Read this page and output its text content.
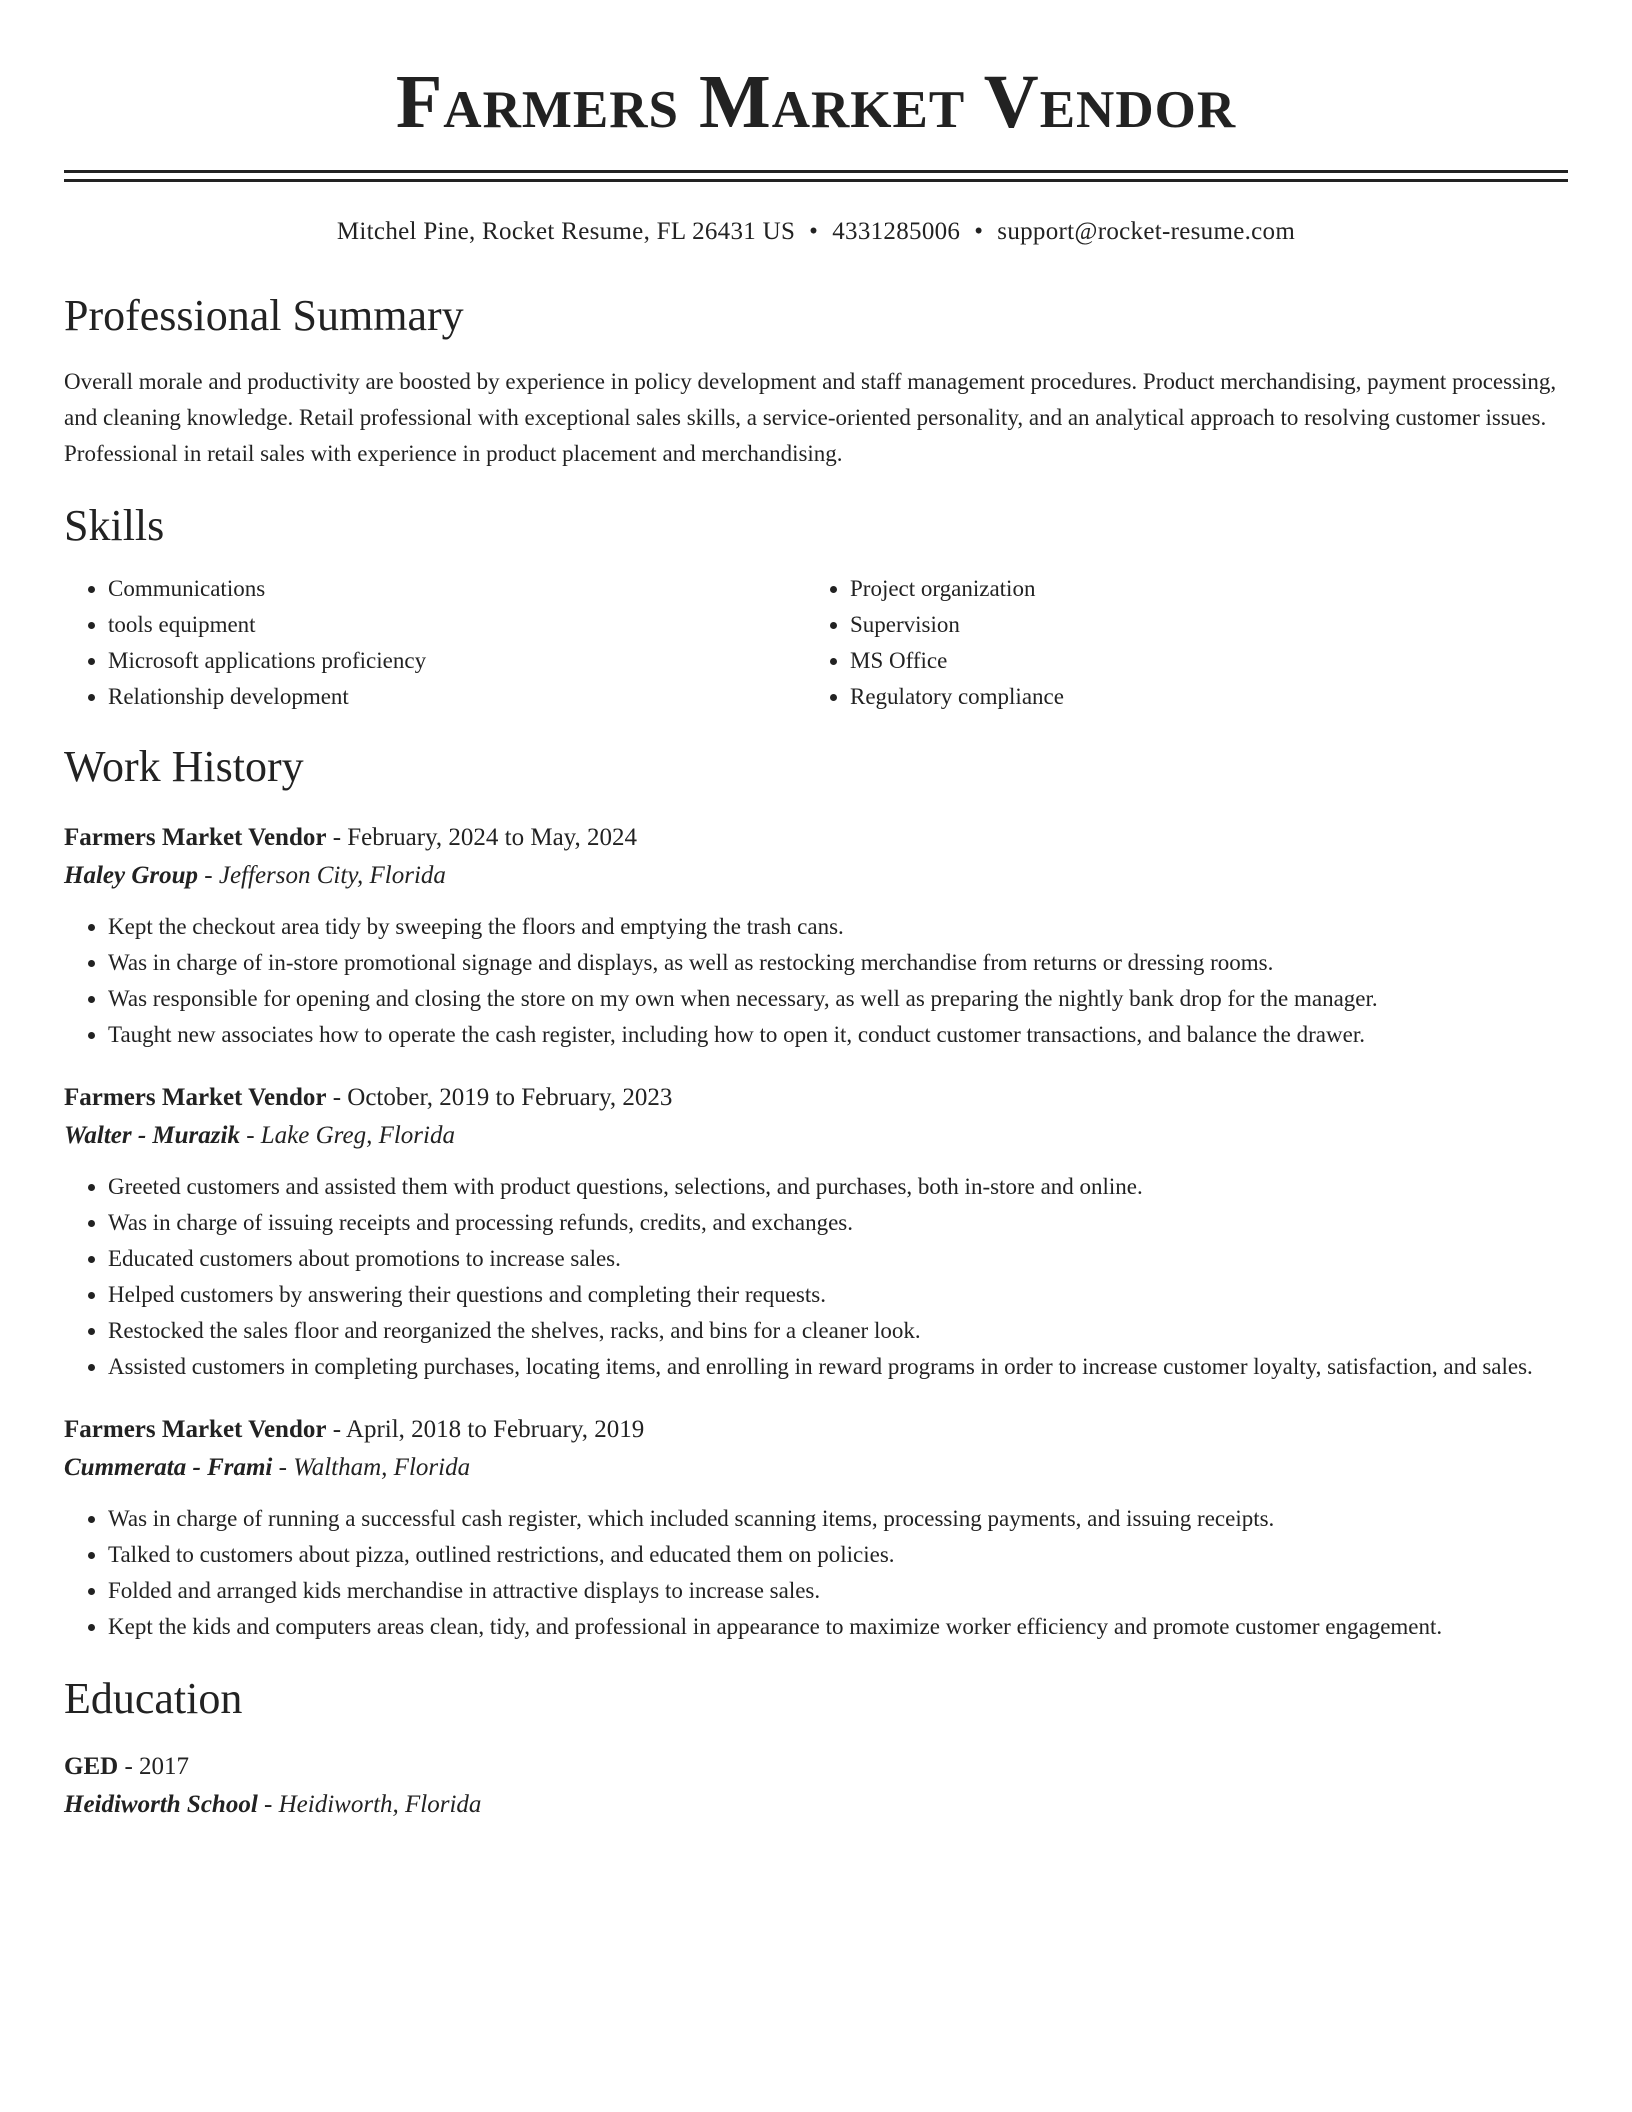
Farmers Market Vendor
Mitchel Pine, Rocket Resume, FL 26431 US • 4331285006 • support@rocket-resume.com
Professional Summary
Overall morale and productivity are boosted by experience in policy development and staff management procedures. Product merchandising, payment processing, and cleaning knowledge. Retail professional with exceptional sales skills, a service-oriented personality, and an analytical approach to resolving customer issues. Professional in retail sales with experience in product placement and merchandising.
Skills
• Communications
• tools equipment
• Microsoft applications proficiency
• Relationship development
• Project organization
• Supervision
• MS Office
• Regulatory compliance
Work History
Farmers Market Vendor - February, 2024 to May, 2024
Haley Group - Jefferson City, Florida
• Kept the checkout area tidy by sweeping the floors and emptying the trash cans.
• Was in charge of in-store promotional signage and displays, as well as restocking merchandise from returns or dressing rooms.
• Was responsible for opening and closing the store on my own when necessary, as well as preparing the nightly bank drop for the manager.
• Taught new associates how to operate the cash register, including how to open it, conduct customer transactions, and balance the drawer.
Farmers Market Vendor - October, 2019 to February, 2023
Walter - Murazik - Lake Greg, Florida
• Greeted customers and assisted them with product questions, selections, and purchases, both in-store and online.
• Was in charge of issuing receipts and processing refunds, credits, and exchanges.
• Educated customers about promotions to increase sales.
• Helped customers by answering their questions and completing their requests.
• Restocked the sales floor and reorganized the shelves, racks, and bins for a cleaner look.
• Assisted customers in completing purchases, locating items, and enrolling in reward programs in order to increase customer loyalty, satisfaction, and sales.
Farmers Market Vendor - April, 2018 to February, 2019
Cummerata - Frami - Waltham, Florida
• Was in charge of running a successful cash register, which included scanning items, processing payments, and issuing receipts.
• Talked to customers about pizza, outlined restrictions, and educated them on policies.
• Folded and arranged kids merchandise in attractive displays to increase sales.
• Kept the kids and computers areas clean, tidy, and professional in appearance to maximize worker efficiency and promote customer engagement.
Education
GED - 2017
Heidiworth School - Heidiworth, Florida
